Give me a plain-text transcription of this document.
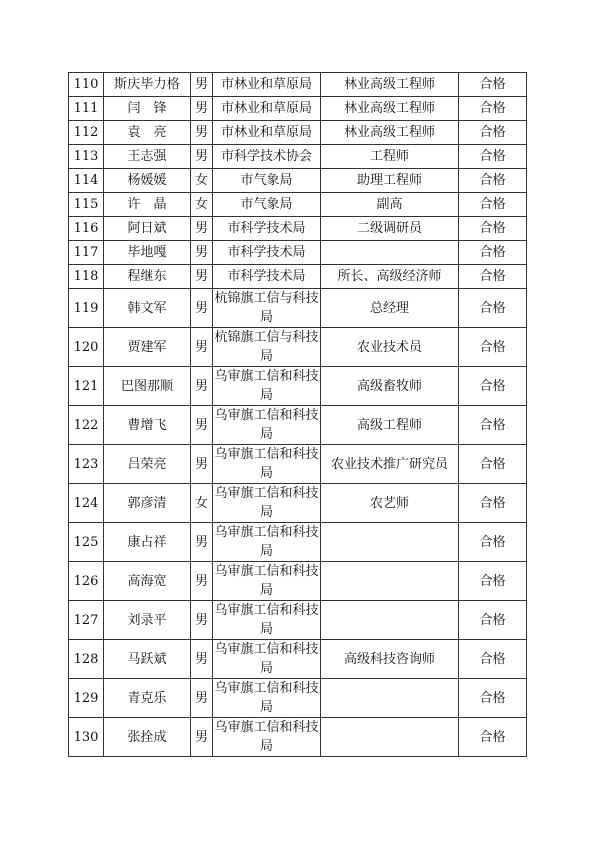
110	斯庆毕力格	男	市林业和草原局	林业高级工程师	合格
111	闫　锋	男	市林业和草原局	林业高级工程师	合格
112	袁　亮	男	市林业和草原局	林业高级工程师	合格
113	王志强	男	市科学技术协会	工程师	合格
114	杨媛媛	女	市气象局	助理工程师	合格
115	许　晶	女	市气象局	副高	合格
116	阿日斌	男	市科学技术局	二级调研员	合格
117	毕地嘎	男	市科学技术局		合格
118	程继东	男	市科学技术局	所长、高级经济师	合格
119	韩文军	男	杭锦旗工信与科技局	总经理	合格
120	贾建军	男	杭锦旗工信与科技局	农业技术员	合格
121	巴图那顺	男	乌审旗工信和科技局	高级畜牧师	合格
122	曹增飞	男	乌审旗工信和科技局	高级工程师	合格
123	吕荣亮	男	乌审旗工信和科技局	农业技术推广研究员	合格
124	郭彦清	女	乌审旗工信和科技局	农艺师	合格
125	康占祥	男	乌审旗工信和科技局		合格
126	高海宽	男	乌审旗工信和科技局		合格
127	刘录平	男	乌审旗工信和科技局		合格
128	马跃斌	男	乌审旗工信和科技局	高级科技咨询师	合格
129	青克乐	男	乌审旗工信和科技局		合格
130	张拴成	男	乌审旗工信和科技局		合格
